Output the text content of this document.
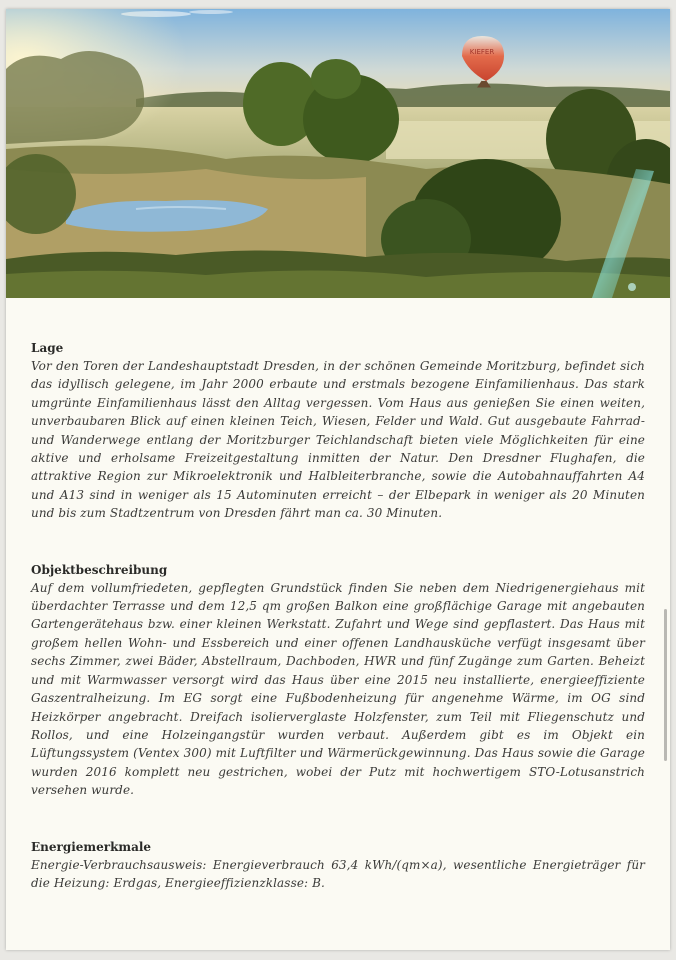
KIEFER
Lage

Vor den Toren der Landeshauptstadt Dresden, in der schönen Gemeinde Moritzburg, befindet sich das idyllisch gelegene, im Jahr 2000 erbaute und erstmals bezogene Einfamilienhaus. Das stark umgrünte Einfamilienhaus lässt den Alltag vergessen. Vom Haus aus genießen Sie einen weiten, unverbaubaren Blick auf einen kleinen Teich, Wiesen, Felder und Wald. Gut ausgebaute Fahrrad- und Wanderwege entlang der Moritzburger Teichlandschaft bieten viele Möglichkeiten für eine aktive und erholsame Freizeitgestaltung inmitten der Natur. Den Dresdner Flughafen, die attraktive Region zur Mikroelektronik und Halbleiterbranche, sowie die Autobahnauffahrten A4 und A13 sind in weniger als 15 Autominuten erreicht – der Elbepark in weniger als 20 Minuten und bis zum Stadtzentrum von Dresden fährt man ca. 30 Minuten.

Objektbeschreibung

Auf dem vollumfriedeten, gepflegten Grundstück finden Sie neben dem Niedrigenergiehaus mit überdachter Terrasse und dem 12,5 qm großen Balkon eine großflächige Garage mit angebauten Gartengerätehaus bzw. einer kleinen Werkstatt. Zufahrt und Wege sind gepflastert. Das Haus mit großem hellen Wohn- und Essbereich und einer offenen Landhausküche verfügt insgesamt über sechs Zimmer, zwei Bäder, Abstellraum, Dachboden, HWR und fünf Zugänge zum Garten. Beheizt und mit Warmwasser versorgt wird das Haus über eine 2015 neu installierte, energieeffiziente Gaszentralheizung. Im EG sorgt eine Fußbodenheizung für angenehme Wärme, im OG sind Heizkörper angebracht. Dreifach isolierverglaste Holzfenster, zum Teil mit Fliegenschutz und Rollos, und eine Holzeingangstür wurden verbaut. Außerdem gibt es im Objekt ein Lüftungssystem (Ventex 300) mit Luftfilter und Wärmerückgewinnung. Das Haus sowie die Garage wurden 2016 komplett neu gestrichen, wobei der Putz mit hochwertigem STO-Lotusanstrich versehen wurde.

Energiemerkmale

Energie-Verbrauchsausweis: Energieverbrauch 63,4 kWh/(qm×a), wesentliche Energieträger für die Heizung: Erdgas, Energieeffizienzklasse: B.
